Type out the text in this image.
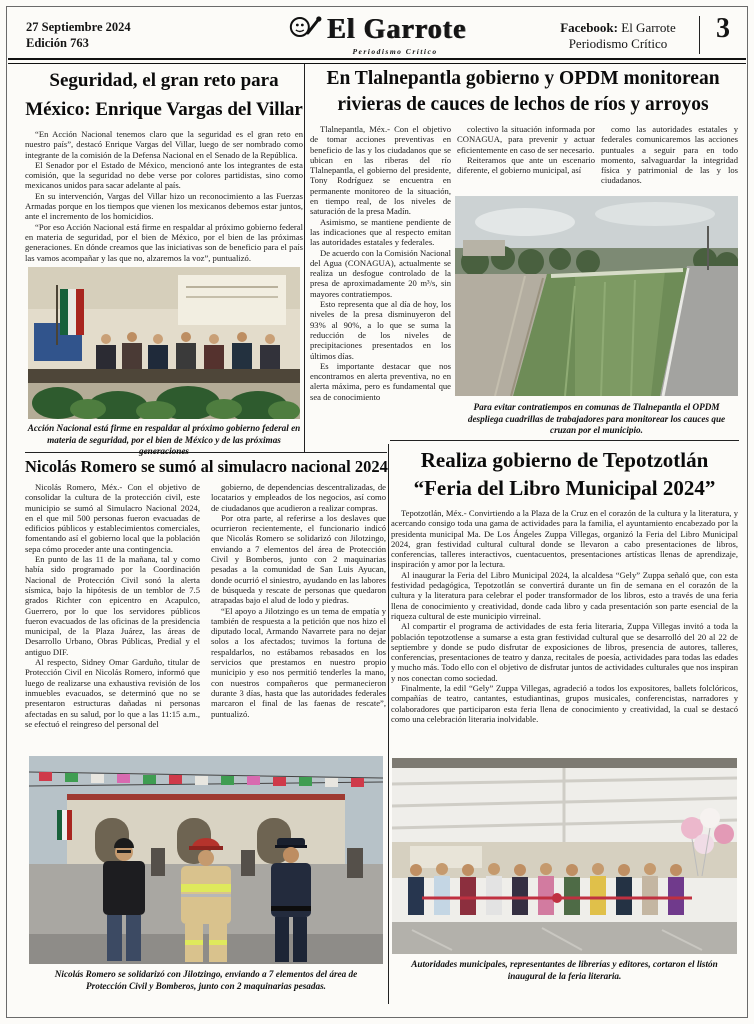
27 Septiembre 2024
Edición 763	El Garrote
Periodismo Crítico
Facebook: El Garrote
Periodismo Crítico	3
Seguridad, el gran reto para
México: Enrique Vargas del Villar

“En Acción Nacional tenemos claro que la seguridad es el gran reto en nuestro país”, destacó Enrique Vargas del Villar, luego de ser nombrado como integrante de la comisión de la Defensa Nacional en el Senado de la República.

El Senador por el Estado de México, mencionó ante los integrantes de esta comisión, que la seguridad no debe verse por colores partidistas, sino como mexicanos unidos para sacar adelante al país.

En su intervención, Vargas del Villar hizo un reconocimiento a las Fuerzas Armadas porque en los tiempos que vienen los mexicanos debemos estar juntos, ante el incremento de los homicidios.

“Por eso Acción Nacional está firme en respaldar al próximo gobierno federal en materia de seguridad, por el bien de México, por el bien de las próximas generaciones. En dónde creamos que las iniciativas son de beneficio para el país las vamos acompañar y las que no, alzaremos la voz”, puntualizó.

Acción Nacional está firme en respaldar al próximo gobierno federal en materia de seguridad, por el bien de México y de las próximas generaciones
En Tlalnepantla gobierno y OPDM monitorean
rivieras de cauces de lechos de ríos y arroyos

Tlalnepantla, Méx.- Con el objetivo de tomar acciones preventivas en beneficio de las y los ciudadanos que se ubican en las riberas del río Tlalnepantla, el gobierno del presidente, Tony Rodríguez se encuentra en permanente monitoreo de la situación, en tiempo real, de los niveles de saturación de la presa Madín.

Asimismo, se mantiene pendiente de las indicaciones que al respecto emitan las autoridades estatales y federales.

De acuerdo con la Comisión Nacional del Agua (CONAGUA), actualmente se realiza un desfogue controlado de la presa de aproximadamente 20 m³/s, sin mayores contratiempos.

Esto representa que al día de hoy, los niveles de la presa disminuyeron del 93% al 90%, a lo que se suma la reducción de los niveles de precipitaciones presentados en los últimos días.

Es importante destacar que nos encontramos en alerta preventiva, no en alerta máxima, pero es fundamental que sea de conocimiento

colectivo la situación informada por CONAGUA, para prevenir y actuar eficientemente en caso de ser necesario.

Reiteramos que ante un escenario diferente, el gobierno municipal, así

como las autoridades estatales y federales comunicaremos las acciones puntuales a seguir para en todo momento, salvaguardar la integridad física y patrimonial de las y los ciudadanos.

Para evitar contratiempos en comunas de Tlalnepantla el OPDM despliega cuadrillas de trabajadores para monitorear los cauces que cruzan por el municipio.
Nicolás Romero se sumó al simulacro nacional 2024

Nicolás Romero, Méx.- Con el objetivo de consolidar la cultura de la protección civil, este municipio se sumó al Simulacro Nacional 2024, en el que mil 500 personas fueron evacuadas de edificios públicos y establecimientos comerciales, fomentando así el gobierno local que la población sepa cómo proceder ante una contingencia.

En punto de las 11 de la mañana, tal y como había sido programado por la Coordinación Nacional de Protección Civil sonó la alerta sísmica, bajo la hipótesis de un temblor de 7.5 grados Richter con epicentro en Acapulco, Guerrero, por lo que los servidores públicos fueron evacuados de las oficinas de la presidencia municipal, de la Plaza Juárez, las áreas de Desarrollo Urbano, Obras Públicas, Predial y el antiguo DIF.

Al respecto, Sidney Omar Garduño, titular de Protección Civil en Nicolás Romero, informó que luego de realizarse una exhaustiva revisión de los inmuebles evacuados, se determinó que no se presentaron estructuras dañadas ni personas afectadas en su salud, por lo que a las 11:15 a.m., se efectuó el reingreso del personal del

gobierno, de dependencias descentralizadas, de locatarios y empleados de los negocios, así como de ciudadanos que acudieron a realizar compras.

Por otra parte, al referirse a los deslaves que ocurrieron recientemente, el funcionario indicó que Nicolás Romero se solidarizó con Jilotzingo, enviando a 7 elementos del área de Protección Civil y Bomberos, junto con 2 maquinarias pesadas a la comunidad de San Luis Ayucan, donde ocurrió el siniestro, ayudando en las labores de búsqueda y rescate de personas que quedaron atrapadas bajo el alud de lodo y piedras.

“El apoyo a Jilotzingo es un tema de empatía y también de respuesta a la petición que nos hizo el diputado local, Armando Navarrete para no dejar solos a los afectados; tuvimos la fortuna de respaldarlos, no estábamos rebasados en los servicios que prestamos en nuestro propio municipio y eso nos permitió tenderles la mano, con nuestros compañeros que permanecieron durante 3 días, hasta que las autoridades federales marcaron el final de las faenas de rescate”, puntualizó.

Nicolás Romero se solidarizó con Jilotzingo, enviando a 7 elementos del área de Protección Civil y Bomberos, junto con 2 maquinarias pesadas.
Realiza gobierno de Tepotzotlán
“Feria del Libro Municipal 2024”

Tepotzotlán, Méx.- Convirtiendo a la Plaza de la Cruz en el corazón de la cultura y la literatura, y acercando consigo toda una gama de actividades para la familia, el ayuntamiento encabezado por la presidenta municipal Ma. De Los Ángeles Zuppa Villegas, organizó la Feria del Libro Municipal 2024, gran festividad cultural cultural donde se llevaron a cabo presentaciones de libros, conferencias, talleres interactivos, cuentacuentos, presentaciones artísticas llenas de aprendizaje, inspiración y amor por la lectura.

Al inaugurar la Feria del Libro Municipal 2024, la alcaldesa “Gely” Zuppa señaló que, con esta festividad pedagógica, Tepotzotlán se convertirá durante un fin de semana en el corazón de la cultura y la literatura para celebrar el poder transformador de los libros, esto a través de una feria llena de conocimiento y creatividad, donde cada libro y cada presentación son parte esencial de la riqueza cultural de este municipio virreinal.

Al compartir el programa de actividades de esta feria literaria, Zuppa Villegas invitó a toda la población tepotzotlense a sumarse a esta gran festividad cultural que se desarrolló del 20 al 22 de septiembre y donde se pudo disfrutar de exposiciones de libros, presencia de autores, talleres, conferencias, presentaciones de teatro y danza, recitales de poesía, actividades para todas las edades y mucho más. Todo ello con el objetivo de disfrutar juntos de actividades culturales que nos inspiran y nos conectan como sociedad.

Finalmente, la edil “Gely” Zuppa Villegas, agradeció a todos los expositores, ballets folclóricos, compañías de teatro, cantantes, estudiantinas, grupos musicales, conferencistas, narradores y colaboradores que participaron esta feria llena de conocimiento y creatividad, la cual se destacó como una celebración literaria inolvidable.

Autoridades municipales, representantes de librerías y editores, cortaron el listón inaugural de la feria literaria.
